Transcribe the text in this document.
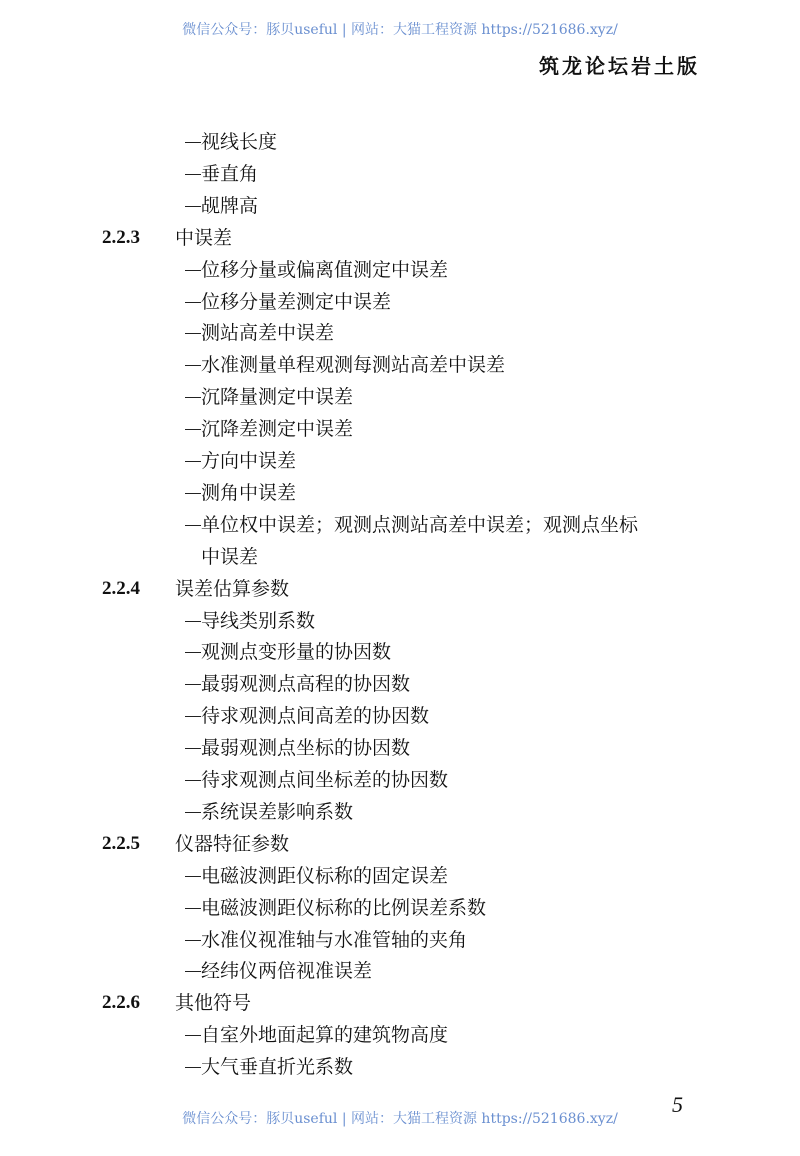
微信公众号：豚贝useful | 网站：大猫工程资源 https://521686.xyz/
筑龙论坛岩土版
视线长度
垂直角
觇牌高
2.2.3 中误差
位移分量或偏离值测定中误差
位移分量差测定中误差
测站高差中误差
水准测量单程观测每测站高差中误差
沉降量测定中误差
沉降差测定中误差
方向中误差
测角中误差
单位权中误差；观测点测站高差中误差；观测点坐标
中误差
2.2.4 误差估算参数
导线类别系数
观测点变形量的协因数
最弱观测点高程的协因数
待求观测点间高差的协因数
最弱观测点坐标的协因数
待求观测点间坐标差的协因数
系统误差影响系数
2.2.5 仪器特征参数
电磁波测距仪标称的固定误差
电磁波测距仪标称的比例误差系数
水准仪视准轴与水准管轴的夹角
经纬仪两倍视准误差
2.2.6 其他符号
自室外地面起算的建筑物高度
大气垂直折光系数
5
微信公众号：豚贝useful | 网站：大猫工程资源 https://521686.xyz/
